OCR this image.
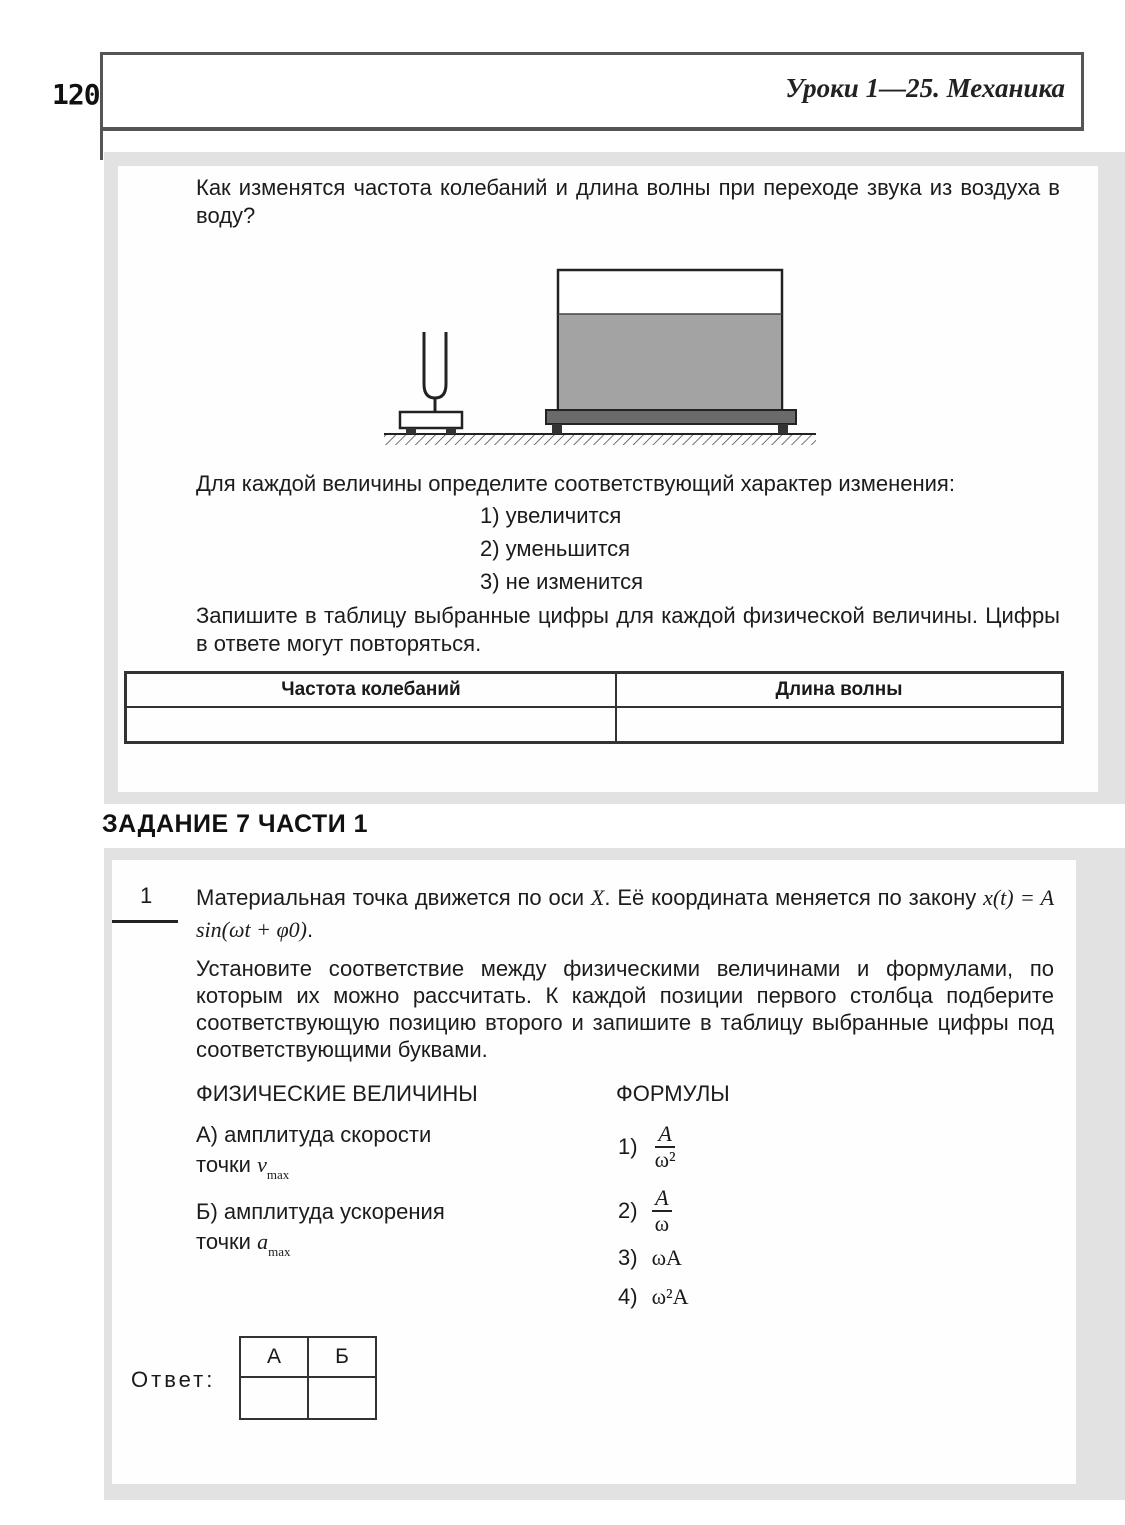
120	Уроки 1—25. Механика
Как изменятся частота колебаний и длина волны при переходе звука из воздуха в воду?
Для каждой величины определите соответствующий характер изменения:
1) увеличится
2) уменьшится
3) не изменится
Запишите в таблицу выбранные цифры для каждой физической величины. Цифры в ответе могут повторяться.
Частота колебаний	Длина волны

ЗАДАНИЕ 7 ЧАСТИ 1
1 Материальная точка движется по оси X. Её координата меняется по закону x(t) = A sin(ωt + φ0).
Установите соответствие между физическими величинами и формулами, по которым их можно рассчитать. К каждой позиции первого столбца подберите соответствующую позицию второго и запишите в таблицу выбранные цифры под соответствующими буквами.
ФИЗИЧЕСКИЕ ВЕЛИЧИНЫ	ФОРМУЛЫ
А) амплитуда скорости
точки $v_{max}$
Б) амплитуда ускорения
точки $a_{max}$
$1) \frac{A}{\text{ω²}}$
$2) \frac{A}{\omega}$
3) ωA
4) ω²A
Ответ:
А	Б
